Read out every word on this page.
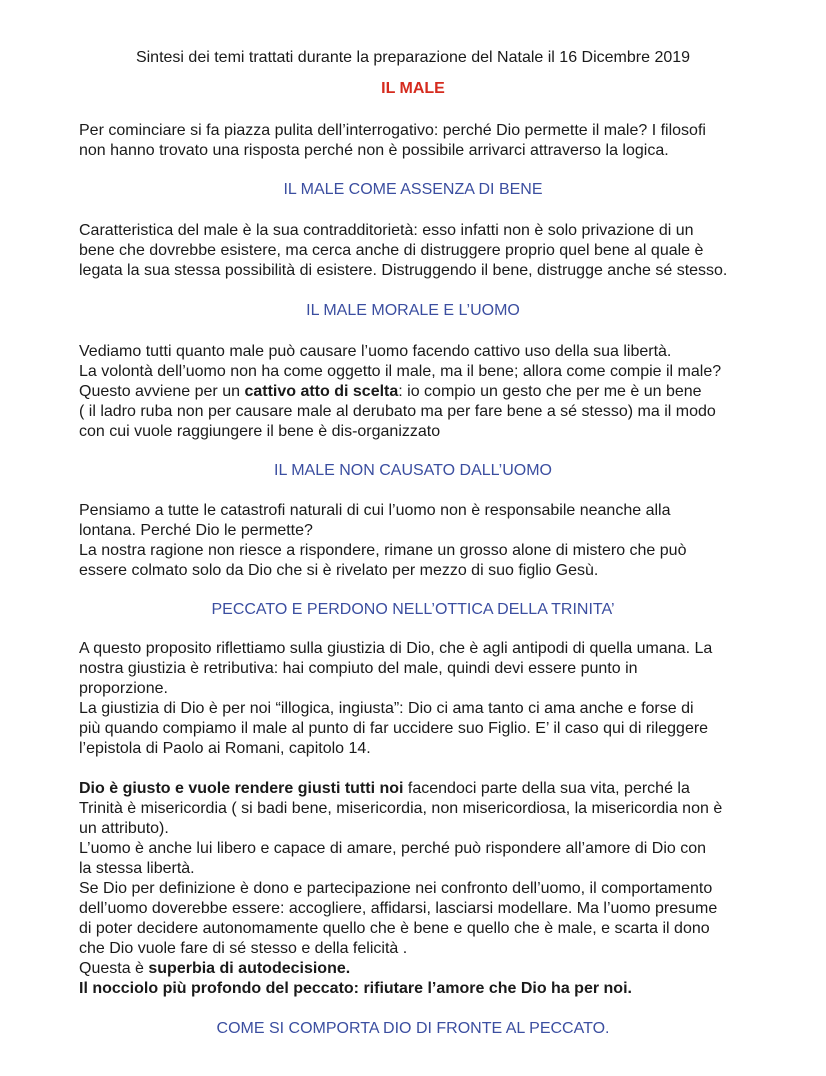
Sintesi dei temi trattati durante la preparazione del Natale il 16 Dicembre 2019
IL MALE
Per cominciare si fa piazza pulita dell’interrogativo: perché Dio permette il male? I filosofi
non hanno trovato una risposta perché non è possibile arrivarci attraverso la logica.
IL MALE COME ASSENZA DI BENE
Caratteristica del male è la sua contradditorietà: esso infatti non è solo privazione di un
bene che dovrebbe esistere, ma cerca anche di distruggere proprio quel bene al quale è
legata la sua stessa possibilità di esistere. Distruggendo il bene, distrugge anche sé stesso.
IL MALE MORALE E L’UOMO
Vediamo tutti quanto male può causare l’uomo facendo cattivo uso della sua libertà.
La volontà dell’uomo non ha come oggetto il male, ma il bene; allora come compie il male?
Questo avviene per un cattivo atto di scelta: io compio un gesto che per me è un bene
( il ladro ruba non per causare male al derubato ma per fare bene a sé stesso) ma il modo
con cui vuole raggiungere il bene è dis-organizzato
IL MALE NON CAUSATO DALL’UOMO
Pensiamo a tutte le catastrofi naturali di cui l’uomo non è responsabile neanche alla
lontana. Perché Dio le permette?
La nostra ragione non riesce a rispondere, rimane un grosso alone di mistero che può
essere colmato solo da Dio che si è rivelato per mezzo di suo figlio Gesù.
PECCATO E PERDONO NELL’OTTICA DELLA TRINITA’
A questo proposito riflettiamo sulla giustizia di Dio, che è agli antipodi di quella umana. La
nostra giustizia è retributiva: hai compiuto del male, quindi devi essere punto in
proporzione.
La giustizia di Dio è per noi “illogica, ingiusta”: Dio ci ama tanto ci ama anche e forse di
più quando compiamo il male al punto di far uccidere suo Figlio. E’ il caso qui di rileggere
l’epistola di Paolo ai Romani, capitolo 14.
Dio è giusto e vuole rendere giusti tutti noi facendoci parte della sua vita, perché la
Trinità è misericordia ( si badi bene, misericordia, non misericordiosa, la misericordia non è
un attributo).
L’uomo è anche lui libero e capace di amare, perché può rispondere all’amore di Dio con
la stessa libertà.
Se Dio per definizione è dono e partecipazione nei confronto dell’uomo, il comportamento
dell’uomo doverebbe essere: accogliere, affidarsi, lasciarsi modellare. Ma l’uomo presume
di poter decidere autonomamente quello che è bene e quello che è male, e scarta il dono
che Dio vuole fare di sé stesso e della felicità .
Questa è superbia di autodecisione.
Il nocciolo più profondo del peccato: rifiutare l’amore che Dio ha per noi.
COME SI COMPORTA DIO DI FRONTE AL PECCATO.
